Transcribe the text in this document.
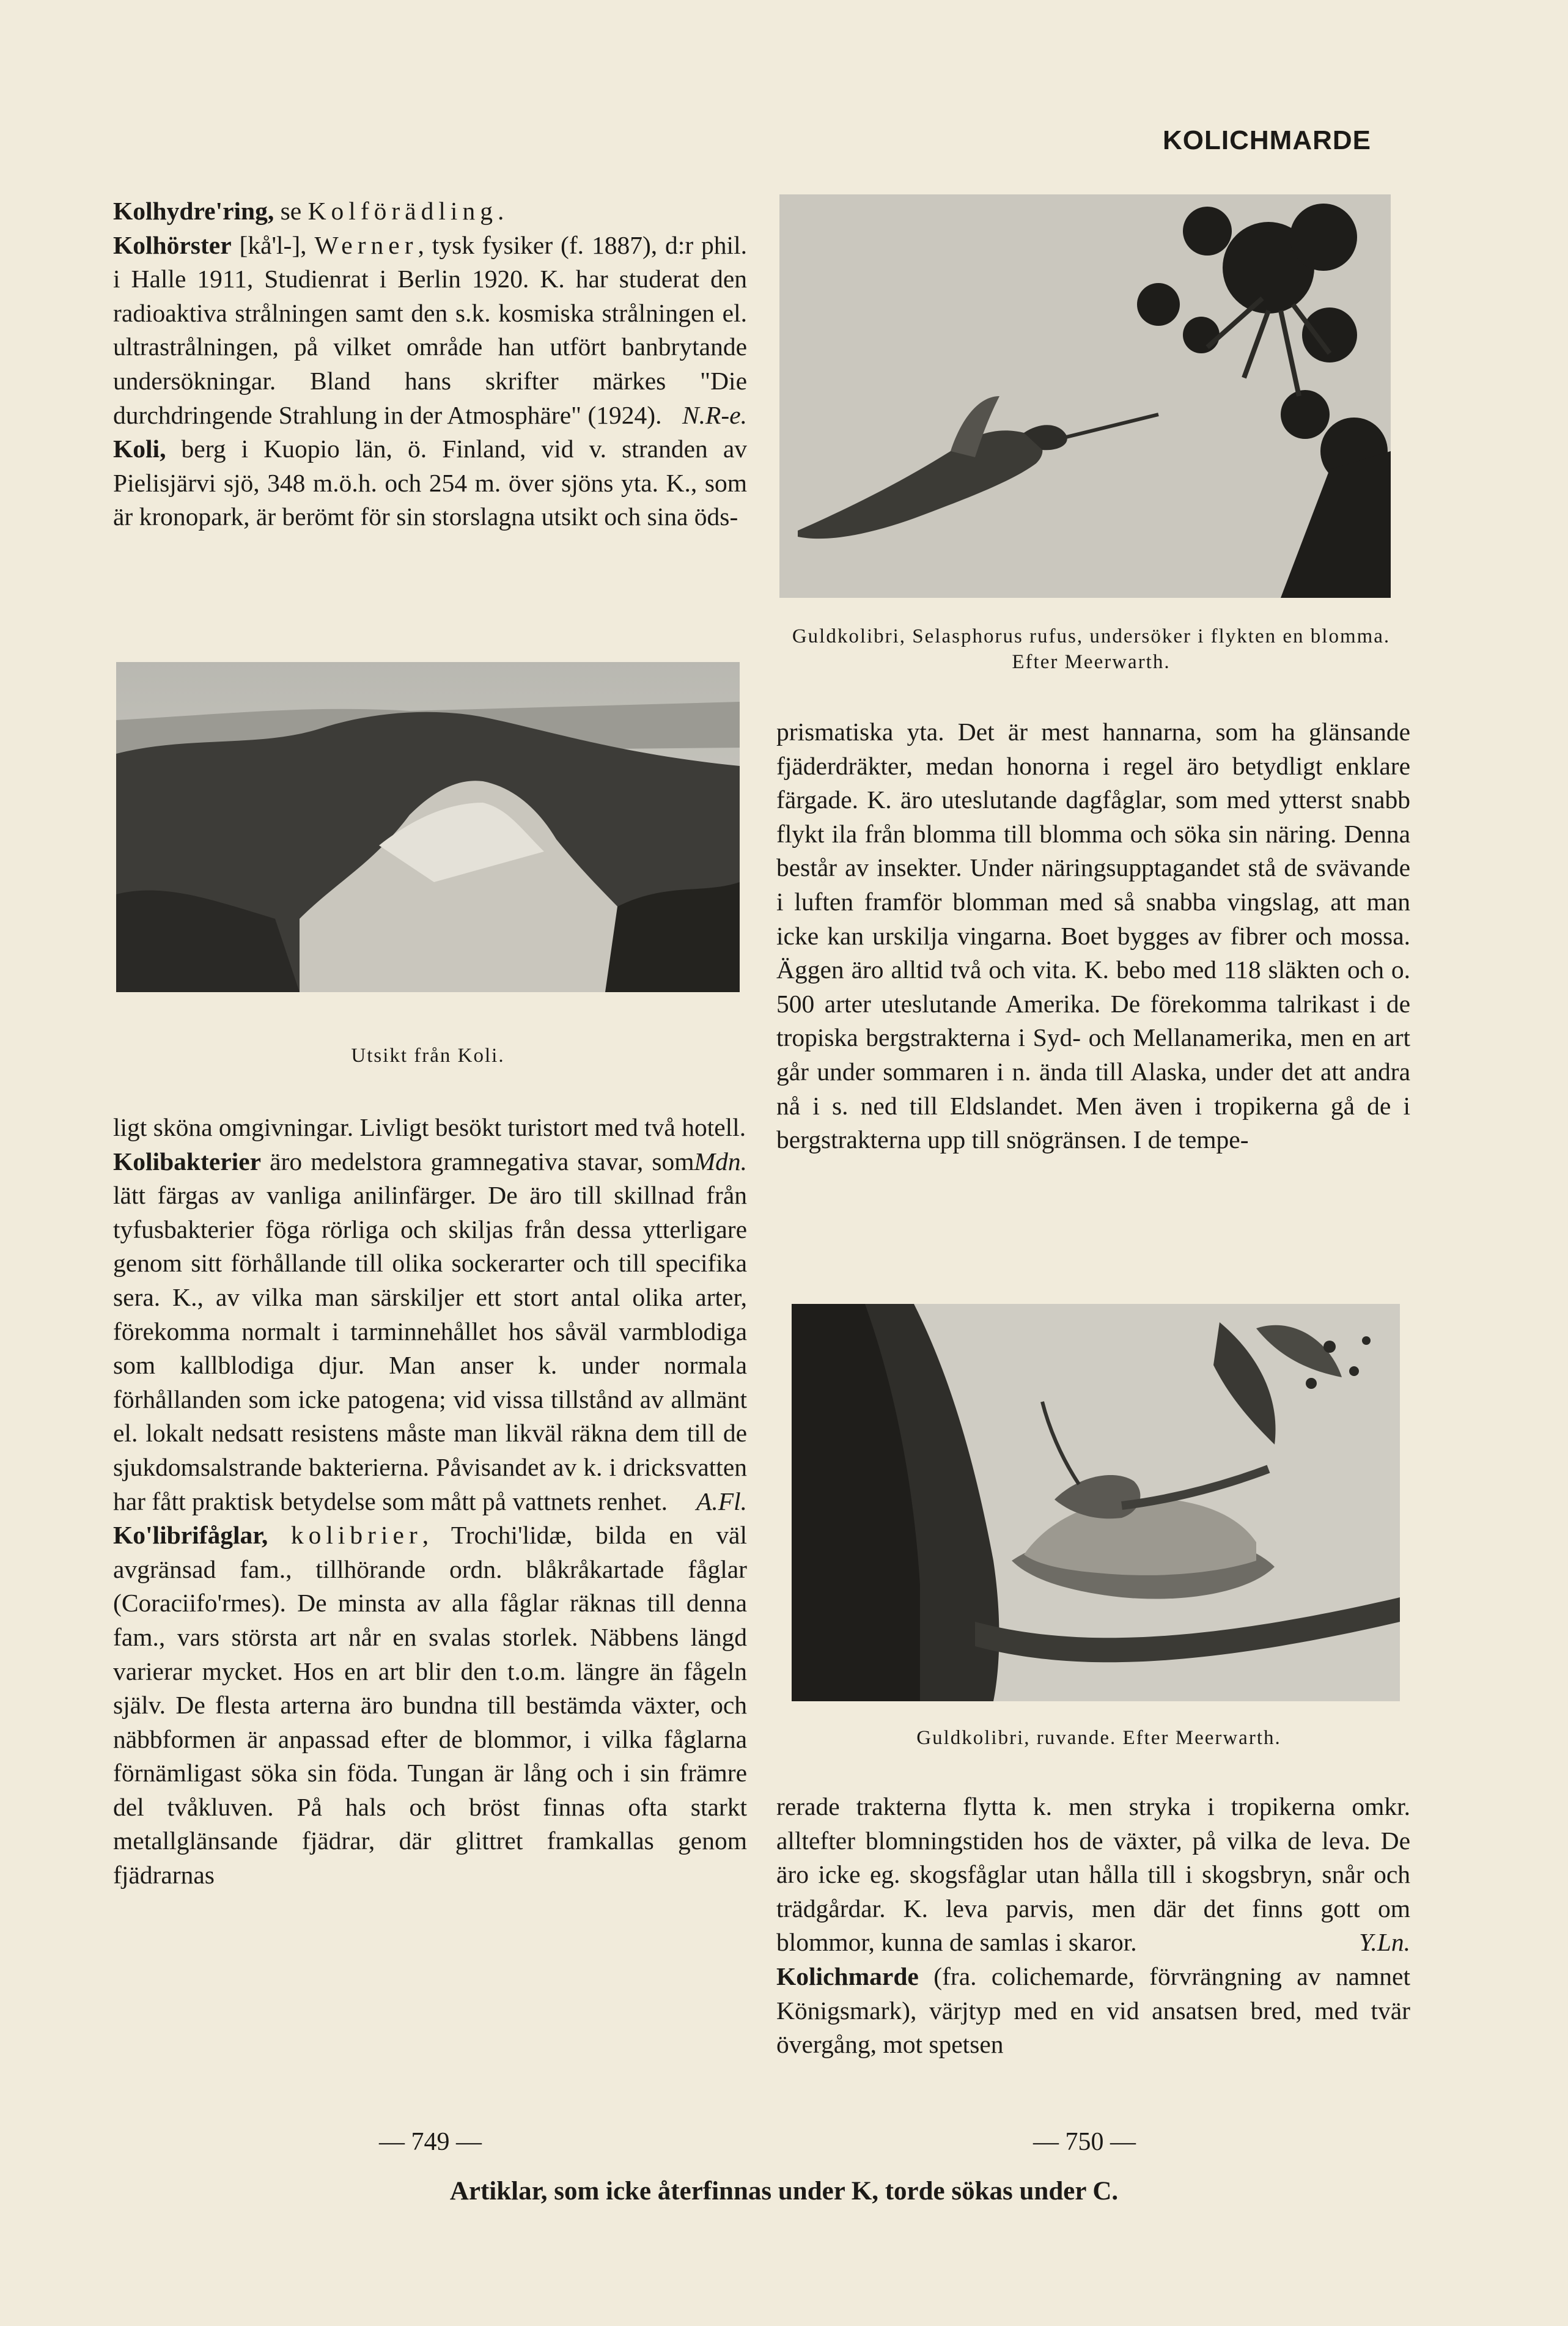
KOLICHMARDE

Kolhydre'ring, se Kolförädling.

Kolhörster [kå'l-], Werner, tysk fysiker (f. 1887), d:r phil. i Halle 1911, Studienrat i Berlin 1920. K. har studerat den radioaktiva strålningen samt den s.k. kosmiska strålningen el. ultrastrålningen, på vilket område han utfört banbrytande undersökningar. Bland hans skrifter märkes "Die durchdringende Strahlung in der Atmosphäre" (1924). N.R-e.

Koli, berg i Kuopio län, ö. Finland, vid v. stranden av Pielisjärvi sjö, 348 m.ö.h. och 254 m. över sjöns yta. K., som är kronopark, är berömt för sin storslagna utsikt och sina öds-

Utsikt från Koli.

ligt sköna omgivningar. Livligt besökt turistort med två hotell.
Mdn.

Kolibakterier äro medelstora gramnegativa stavar, som lätt färgas av vanliga anilinfärger. De äro till skillnad från tyfusbakterier föga rörliga och skiljas från dessa ytterligare genom sitt förhållande till olika sockerarter och till specifika sera. K., av vilka man särskiljer ett stort antal olika arter, förekomma normalt i tarminnehållet hos såväl varmblodiga som kallblodiga djur. Man anser k. under normala förhållanden som icke patogena; vid vissa tillstånd av allmänt el. lokalt nedsatt resistens måste man likväl räkna dem till de sjukdomsalstrande bakterierna. Påvisandet av k. i dricksvatten har fått praktisk betydelse som mått på vattnets renhet. A.Fl.

Ko'librifåglar, kolibrier, Trochi'lidæ, bilda en väl avgränsad fam., tillhörande ordn. blåkråkartade fåglar (Coraciifo'rmes). De minsta av alla fåglar räknas till denna fam., vars största art når en svalas storlek. Näbbens längd varierar mycket. Hos en art blir den t.o.m. längre än fågeln själv. De flesta arterna äro bundna till bestämda växter, och näbbformen är anpassad efter de blommor, i vilka fåglarna förnämligast söka sin föda. Tungan är lång och i sin främre del tvåkluven. På hals och bröst finnas ofta starkt metallglänsande fjädrar, där glittret framkallas genom fjädrarnas

Guldkolibri, Selasphorus rufus, undersöker i flykten en blomma. Efter Meerwarth.

prismatiska yta. Det är mest hannarna, som ha glänsande fjäderdräkter, medan honorna i regel äro betydligt enklare färgade. K. äro uteslutande dagfåglar, som med ytterst snabb flykt ila från blomma till blomma och söka sin näring. Denna består av insekter. Under näringsupptagandet stå de svävande i luften framför blomman med så snabba vingslag, att man icke kan urskilja vingarna. Boet bygges av fibrer och mossa. Äggen äro alltid två och vita. K. bebo med 118 släkten och o. 500 arter uteslutande Amerika. De förekomma talrikast i de tropiska bergstrakterna i Syd- och Mellanamerika, men en art går under sommaren i n. ända till Alaska, under det att andra nå i s. ned till Eldslandet. Men även i tropikerna gå de i bergstrakterna upp till snögränsen. I de tempe-

Guldkolibri, ruvande. Efter Meerwarth.

rerade trakterna flytta k. men stryka i tropikerna omkr. alltefter blomningstiden hos de växter, på vilka de leva. De äro icke eg. skogsfåglar utan hålla till i skogsbryn, snår och trädgårdar. K. leva parvis, men där det finns gott om blommor, kunna de samlas i skaror.	Y.Ln.

Kolichmarde (fra. colichemarde, förvrängning av namnet Königsmark), värjtyp med en vid ansatsen bred, med tvär övergång, mot spetsen

— 749 —	— 750 —
Artiklar, som icke återfinnas under K, torde sökas under C.
